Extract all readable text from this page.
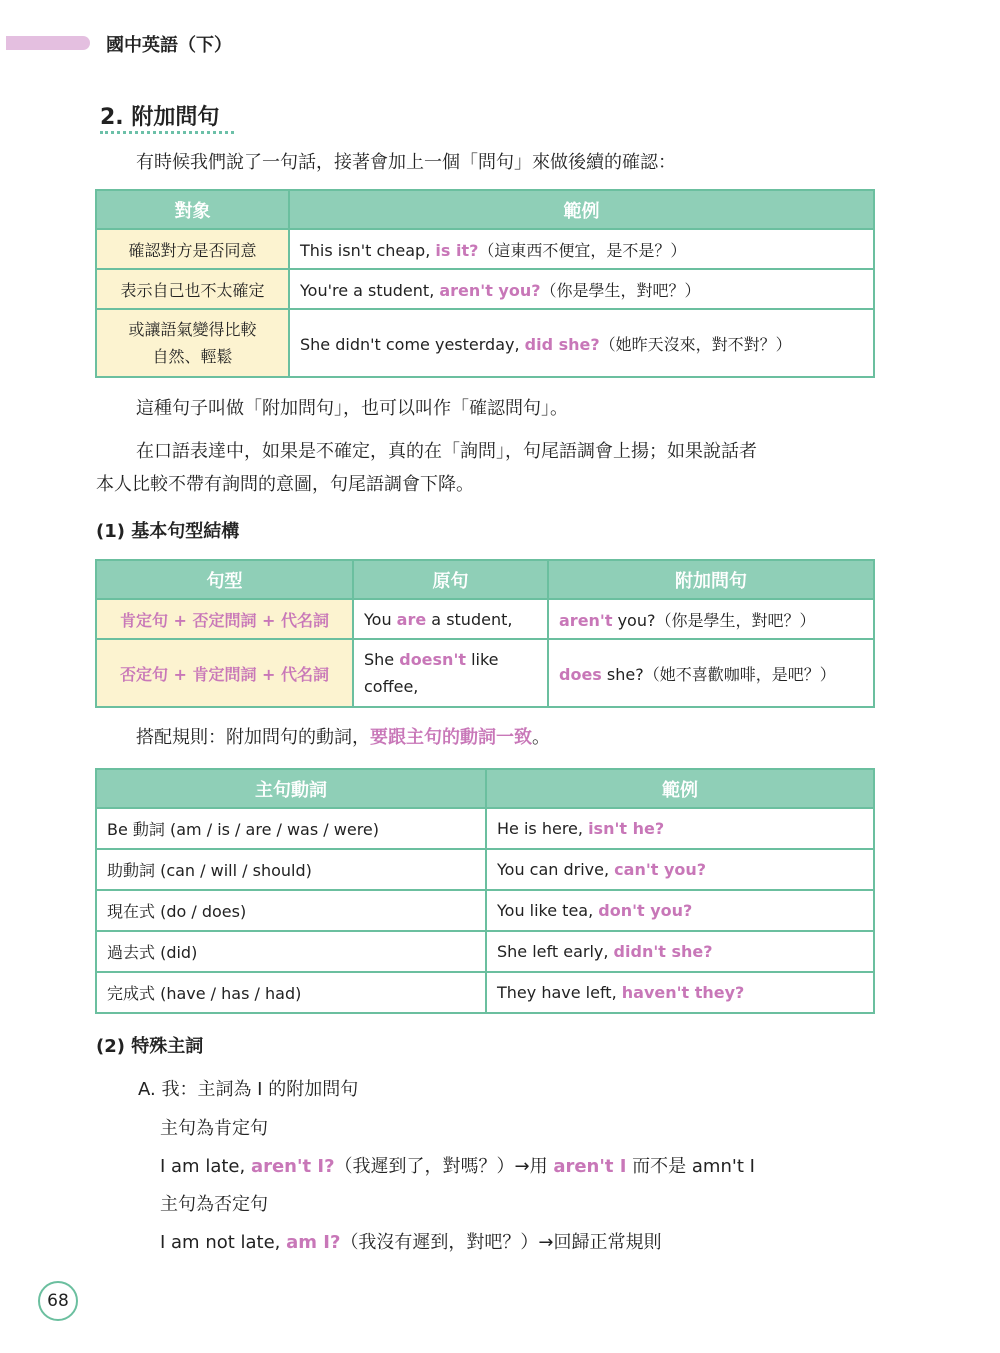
國中英語（下）
2. 附加問句
有時候我們說了一句話，接著會加上一個「問句」來做後續的確認：
對象	範例
確認對方是否同意	This isn't cheap, is it?（這東西不便宜，是不是？）
表示自己也不太確定	You're a student, aren't you?（你是學生，對吧？）
或讓語氣變得比較
自然、輕鬆	She didn't come yesterday, did she?（她昨天沒來，對不對？）
這種句子叫做「附加問句」，也可以叫作「確認問句」。
在口語表達中，如果是不確定，真的在「詢問」，句尾語調會上揚；如果說話者
本人比較不帶有詢問的意圖，句尾語調會下降。
(1) 基本句型結構
句型	原句	附加問句
肯定句 + 否定問詞 + 代名詞	You are a student,	aren't you?（你是學生，對吧？）
否定句 + 肯定問詞 + 代名詞	She doesn't like coffee,	does she?（她不喜歡咖啡，是吧？）
搭配規則：附加問句的動詞，要跟主句的動詞一致。
主句動詞	範例
Be 動詞 (am / is / are / was / were)	He is here, isn't he?
助動詞 (can / will / should)	You can drive, can't you?
現在式 (do / does)	You like tea, don't you?
過去式 (did)	She left early, didn't she?
完成式 (have / has / had)	They have left, haven't they?
(2) 特殊主詞
A. 我：主詞為 I 的附加問句
主句為肯定句
I am late, aren't I?（我遲到了，對嗎？）→用 aren't I 而不是 amn't I
主句為否定句
I am not late, am I?（我沒有遲到，對吧？）→回歸正常規則
68
